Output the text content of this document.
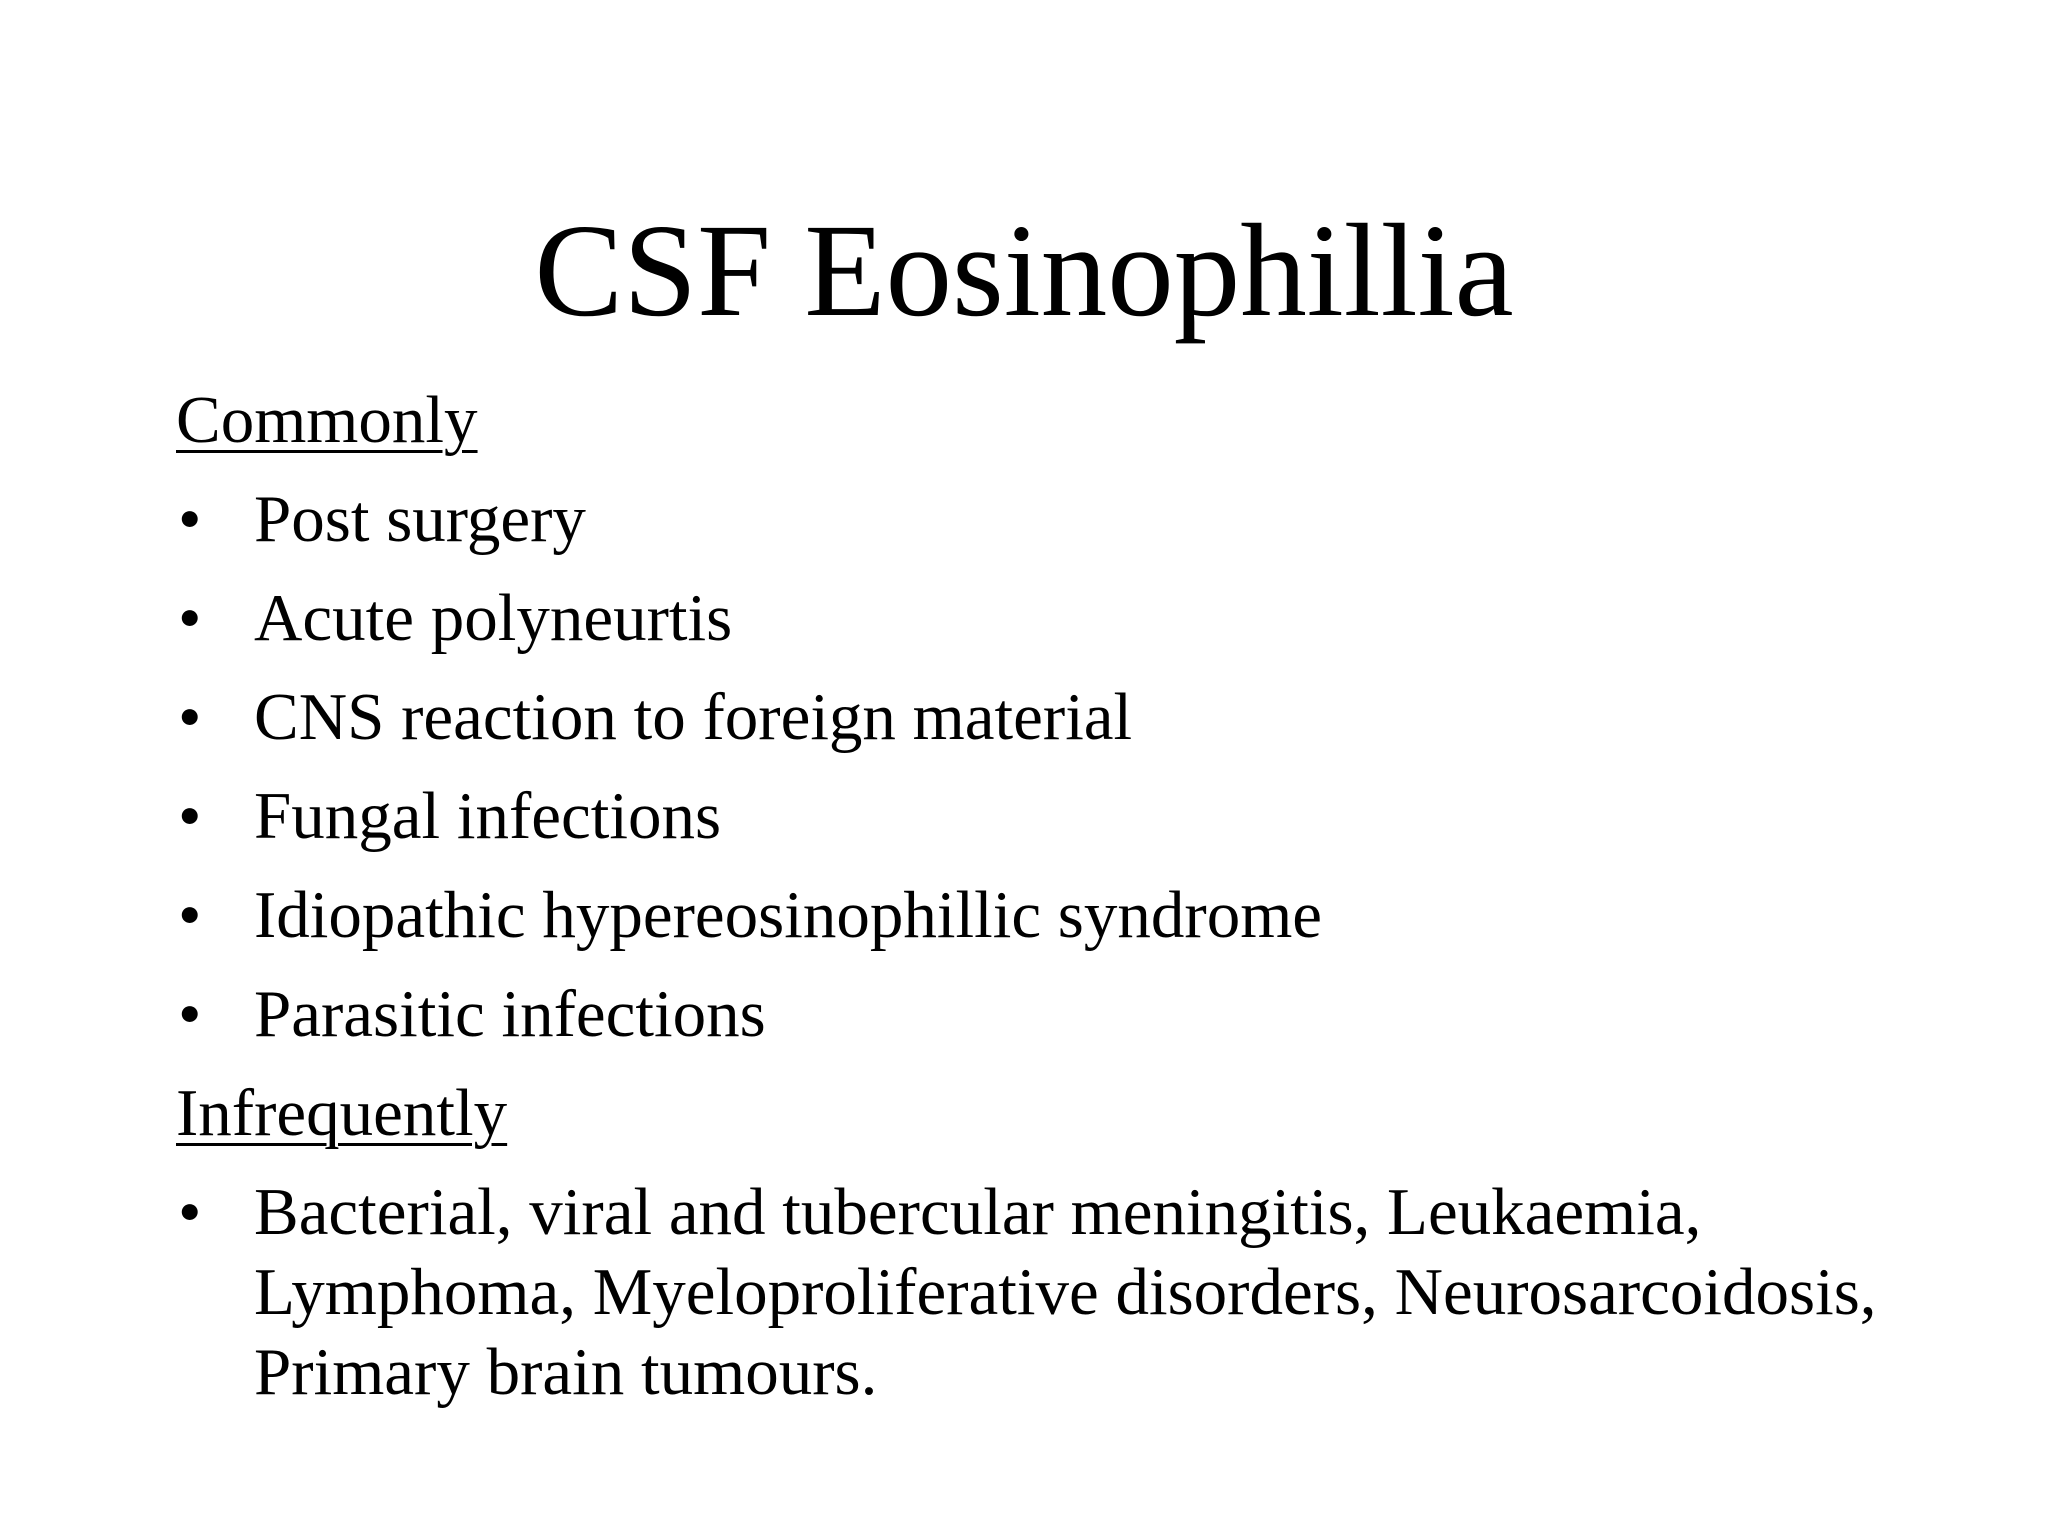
CSF Eosinophillia
Commonly
• Post surgery
• Acute polyneurtis
• CNS reaction to foreign material
• Fungal infections
• Idiopathic hypereosinophillic syndrome
• Parasitic infections
Infrequently
• Bacterial, viral and tubercular meningitis, Leukaemia, Lymphoma, Myeloproliferative disorders, Neurosarcoidosis, Primary brain tumours.
